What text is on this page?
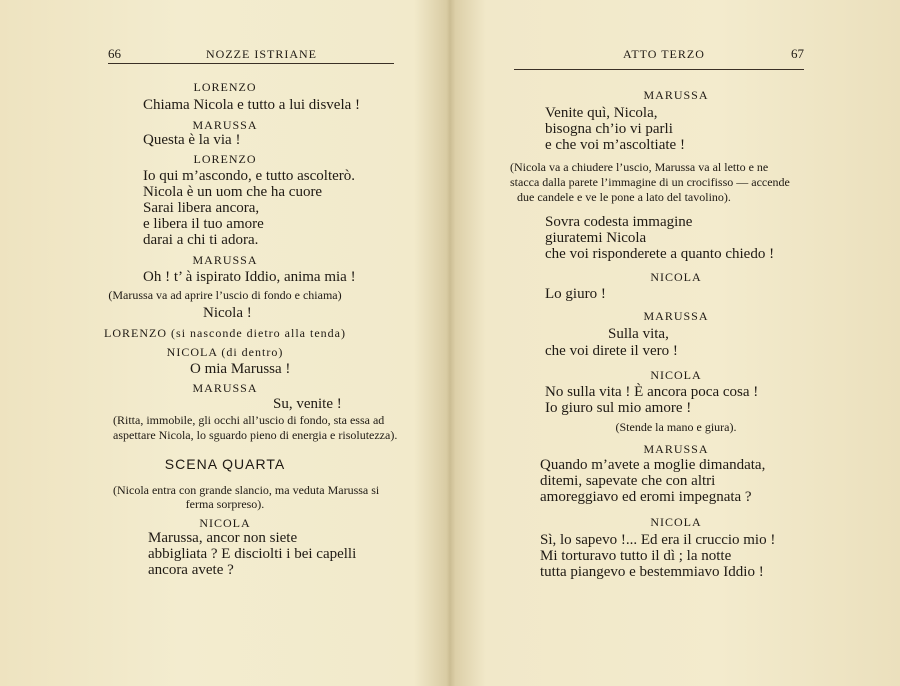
66	NOZZE ISTRIANE
LORENZO
Chiama Nicola e tutto a lui disvela !
MARUSSA
Questa è la via !
LORENZO
Io qui m’ascondo, e tutto ascolterò.
Nicola è un uom che ha cuore
Sarai libera ancora,
e libera il tuo amore
darai a chi ti adora.
MARUSSA
Oh ! t’ à ispirato Iddio, anima mia !
(Marussa va ad aprire l’uscio di fondo e chiama)
Nicola !
LORENZO (si nasconde dietro alla tenda)
NICOLA (di dentro)
O mia Marussa !
MARUSSA
Su, venite !
(Ritta, immobile, gli occhi all’uscio di fondo, sta essa ad
aspettare Nicola, lo sguardo pieno di energia e risolutezza).
SCENA QUARTA
(Nicola entra con grande slancio, ma veduta Marussa si
ferma sorpreso).
NICOLA
Marussa, ancor non siete
abbigliata ? E disciolti i bei capelli
ancora avete ?
ATTO TERZO	67
MARUSSA
Venite quì, Nicola,
bisogna ch’io vi parli
e che voi m’ascoltiate !
(Nicola va a chiudere l’uscio, Marussa va al letto e ne
stacca dalla parete l’immagine di un crocifisso — accende
due candele e ve le pone a lato del tavolino).
Sovra codesta immagine
giuratemi Nicola
che voi risponderete a quanto chiedo !
NICOLA
Lo giuro !
MARUSSA
Sulla vita,
che voi direte il vero !
NICOLA
No sulla vita ! È ancora poca cosa !
Io giuro sul mio amore !
(Stende la mano e giura).
MARUSSA
Quando m’avete a moglie dimandata,
ditemi, sapevate che con altri
amoreggiavo ed eromi impegnata ?
NICOLA
Sì, lo sapevo !... Ed era il cruccio mio !
Mi torturavo tutto il dì ; la notte
tutta piangevo e bestemmiavo Iddio !
